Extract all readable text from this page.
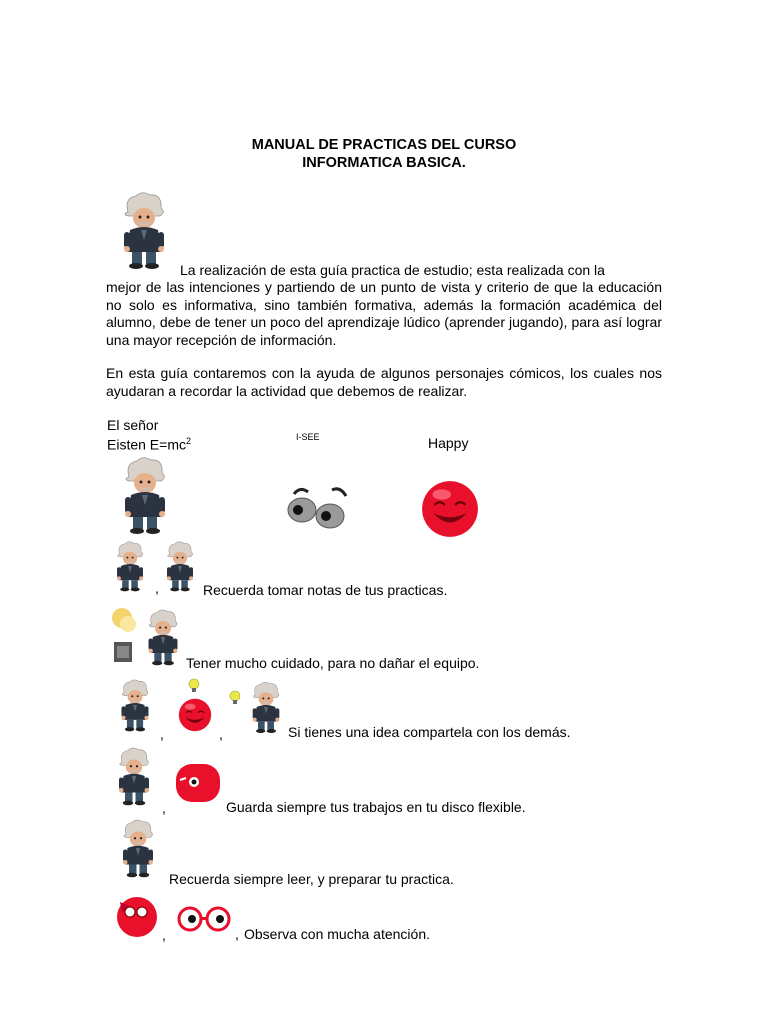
MANUAL DE PRACTICAS DEL CURSO
INFORMATICA BASICA.
La realización de esta guía practica de estudio; esta realizada con la
mejor de las intenciones y partiendo de un punto de vista y criterio de que la educación no solo es informativa, sino también formativa, además la formación académica del alumno, debe de tener un poco del aprendizaje lúdico (aprender jugando), para así lograr una mayor recepción de información.
En esta guía contaremos con la ayuda de algunos personajes cómicos, los cuales nos ayudaran a recordar la actividad que debemos de realizar.
El señor
Eisten $E=mc^2$	I-SEE	Happy
,	Recuerda tomar notas de tus practicas.
Tener mucho cuidado, para no dañar el equipo.
,	,	Si tienes una idea compartela con los demás.
,	Guarda siempre tus trabajos en tu disco flexible.
Recuerda siempre leer, y preparar tu practica.
,	, Observa con mucha atención.
